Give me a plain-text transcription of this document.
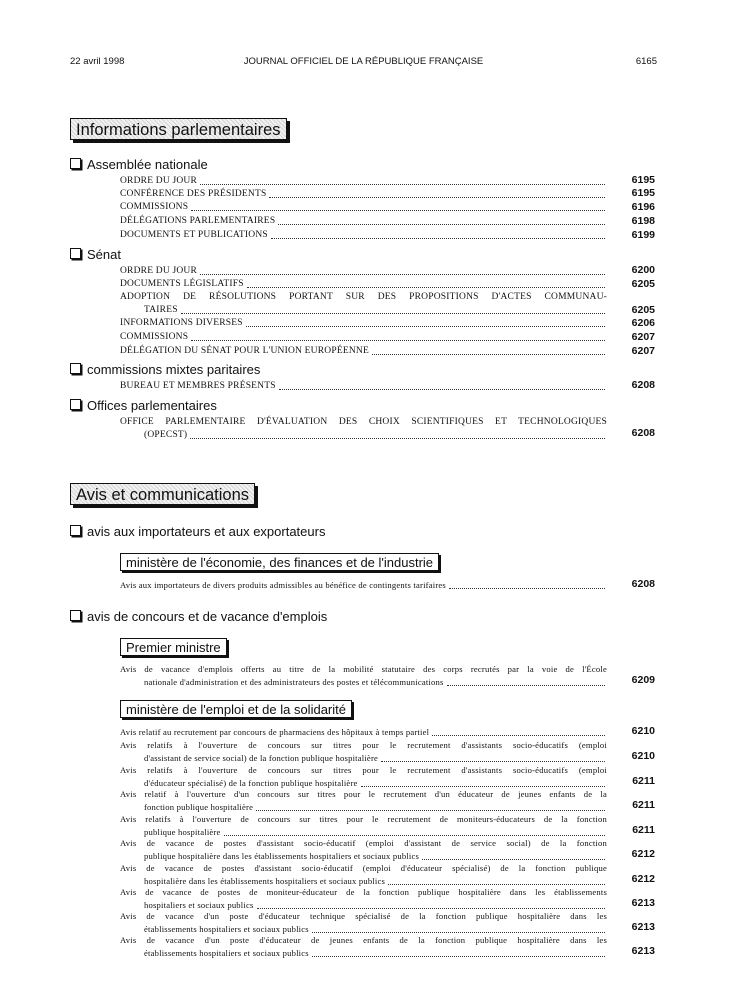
22 avril 1998	JOURNAL OFFICIEL DE LA RÉPUBLIQUE FRANÇAISE	6165
Informations parlementaires
Assemblée nationale
ORDRE DU JOUR	6195
CONFÉRENCE DES PRÉSIDENTS	6195
COMMISSIONS	6196
DÉLÉGATIONS PARLEMENTAIRES	6198
DOCUMENTS ET PUBLICATIONS	6199
Sénat
ORDRE DU JOUR	6200
DOCUMENTS LÉGISLATIFS	6205
ADOPTION DE RÉSOLUTIONS PORTANT SUR DES PROPOSITIONS D'ACTES COMMUNAU-
TAIRES	6205
INFORMATIONS DIVERSES	6206
COMMISSIONS	6207
DÉLÉGATION DU SÉNAT POUR L'UNION EUROPÉENNE	6207
commissions mixtes paritaires
BUREAU ET MEMBRES PRÉSENTS	6208
Offices parlementaires
OFFICE PARLEMENTAIRE D'ÉVALUATION DES CHOIX SCIENTIFIQUES ET TECHNOLOGIQUES
(OPECST)	6208
Avis et communications
avis aux importateurs et aux exportateurs
ministère de l'économie, des finances et de l'industrie
Avis aux importateurs de divers produits admissibles au bénéfice de contingents tarifaires	6208
avis de concours et de vacance d'emplois
Premier ministre
Avis de vacance d'emplois offerts au titre de la mobilité statutaire des corps recrutés par la voie de l'École
nationale d'administration et des administrateurs des postes et télécommunications	6209
ministère de l'emploi et de la solidarité
Avis relatif au recrutement par concours de pharmaciens des hôpitaux à temps partiel	6210
Avis relatifs à l'ouverture de concours sur titres pour le recrutement d'assistants socio-éducatifs (emploi
d'assistant de service social) de la fonction publique hospitalière	6210
Avis relatifs à l'ouverture de concours sur titres pour le recrutement d'assistants socio-éducatifs (emploi
d'éducateur spécialisé) de la fonction publique hospitalière	6211
Avis relatif à l'ouverture d'un concours sur titres pour le recrutement d'un éducateur de jeunes enfants de la
fonction publique hospitalière	6211
Avis relatifs à l'ouverture de concours sur titres pour le recrutement de moniteurs-éducateurs de la fonction
publique hospitalière	6211
Avis de vacance de postes d'assistant socio-éducatif (emploi d'assistant de service social) de la fonction
publique hospitalière dans les établissements hospitaliers et sociaux publics	6212
Avis de vacance de postes d'assistant socio-éducatif (emploi d'éducateur spécialisé) de la fonction publique
hospitalière dans les établissements hospitaliers et sociaux publics	6212
Avis de vacance de postes de moniteur-éducateur de la fonction publique hospitalière dans les établissements
hospitaliers et sociaux publics	6213
Avis de vacance d'un poste d'éducateur technique spécialisé de la fonction publique hospitalière dans les
établissements hospitaliers et sociaux publics	6213
Avis de vacance d'un poste d'éducateur de jeunes enfants de la fonction publique hospitalière dans les
établissements hospitaliers et sociaux publics	6213
